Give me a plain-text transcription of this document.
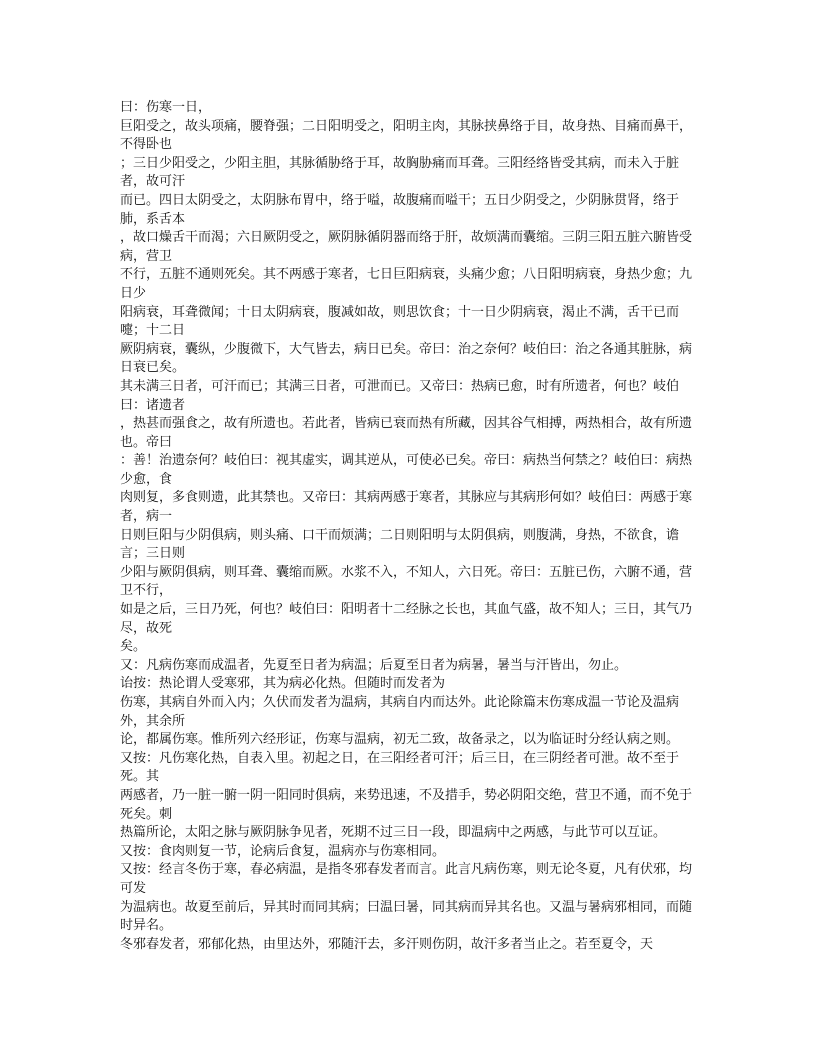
曰：伤寒一日，

巨阳受之，故头项痛，腰脊强；二日阳明受之，阳明主肉，其脉挟鼻络于目，故身热、目痛而鼻干，不得卧也

；三日少阳受之，少阳主胆，其脉循胁络于耳，故胸胁痛而耳聋。三阳经络皆受其病，而未入于脏者，故可汗

而已。四日太阴受之，太阴脉布胃中，络于嗌，故腹痛而嗌干；五日少阴受之，少阴脉贯肾，络于肺，系舌本

，故口燥舌干而渴；六日厥阴受之，厥阴脉循阴器而络于肝，故烦满而囊缩。三阴三阳五脏六腑皆受病，营卫

不行，五脏不通则死矣。其不两感于寒者，七日巨阳病衰，头痛少愈；八日阳明病衰，身热少愈；九日少

阳病衰，耳聋微闻；十日太阴病衰，腹减如故，则思饮食；十一日少阴病衰，渴止不满，舌干已而嚏；十二日

厥阴病衰，囊纵，少腹微下，大气皆去，病日已矣。帝曰：治之奈何？岐伯曰：治之各通其脏脉，病日衰已矣。

其未满三日者，可汗而已；其满三日者，可泄而已。又帝曰：热病已愈，时有所遗者，何也？岐伯曰：诸遗者

，热甚而强食之，故有所遗也。若此者，皆病已衰而热有所藏，因其谷气相搏，两热相合，故有所遗也。帝曰

：善！治遗奈何？岐伯曰：视其虚实，调其逆从，可使必已矣。帝曰：病热当何禁之？岐伯曰：病热少愈，食

肉则复，多食则遗，此其禁也。又帝曰：其病两感于寒者，其脉应与其病形何如？岐伯曰：两感于寒者，病一

日则巨阳与少阴俱病，则头痛、口干而烦满；二日则阳明与太阴俱病，则腹满，身热，不欲食，谵言；三日则

少阳与厥阴俱病，则耳聋、囊缩而厥。水浆不入，不知人，六日死。帝曰：五脏已伤，六腑不通，营卫不行，

如是之后，三日乃死，何也？岐伯曰：阳明者十二经脉之长也，其血气盛，故不知人；三日，其气乃尽，故死

矣。

又：凡病伤寒而成温者，先夏至日者为病温；后夏至日者为病暑，暑当与汗皆出，勿止。

诒按：热论谓人受寒邪，其为病必化热。但随时而发者为

伤寒，其病自外而入内；久伏而发者为温病，其病自内而达外。此论除篇末伤寒成温一节论及温病外，其余所

论，都属伤寒。惟所列六经形证，伤寒与温病，初无二致，故备录之，以为临证时分经认病之则。

又按：凡伤寒化热，自表入里。初起之日，在三阳经者可汗；后三日，在三阴经者可泄。故不至于死。其

两感者，乃一脏一腑一阴一阳同时俱病，来势迅速，不及措手，势必阴阳交绝，营卫不通，而不免于死矣。刺

热篇所论，太阳之脉与厥阴脉争见者，死期不过三日一段，即温病中之两感，与此节可以互证。

又按：食肉则复一节，论病后食复，温病亦与伤寒相同。

又按：经言冬伤于寒，春必病温，是指冬邪春发者而言。此言凡病伤寒，则无论冬夏，凡有伏邪，均可发

为温病也。故夏至前后，异其时而同其病；曰温曰暑，同其病而异其名也。又温与暑病邪相同，而随时异名。

冬邪春发者，邪郁化热，由里达外，邪随汗去，多汗则伤阴，故汗多者当止之。若至夏令，天
